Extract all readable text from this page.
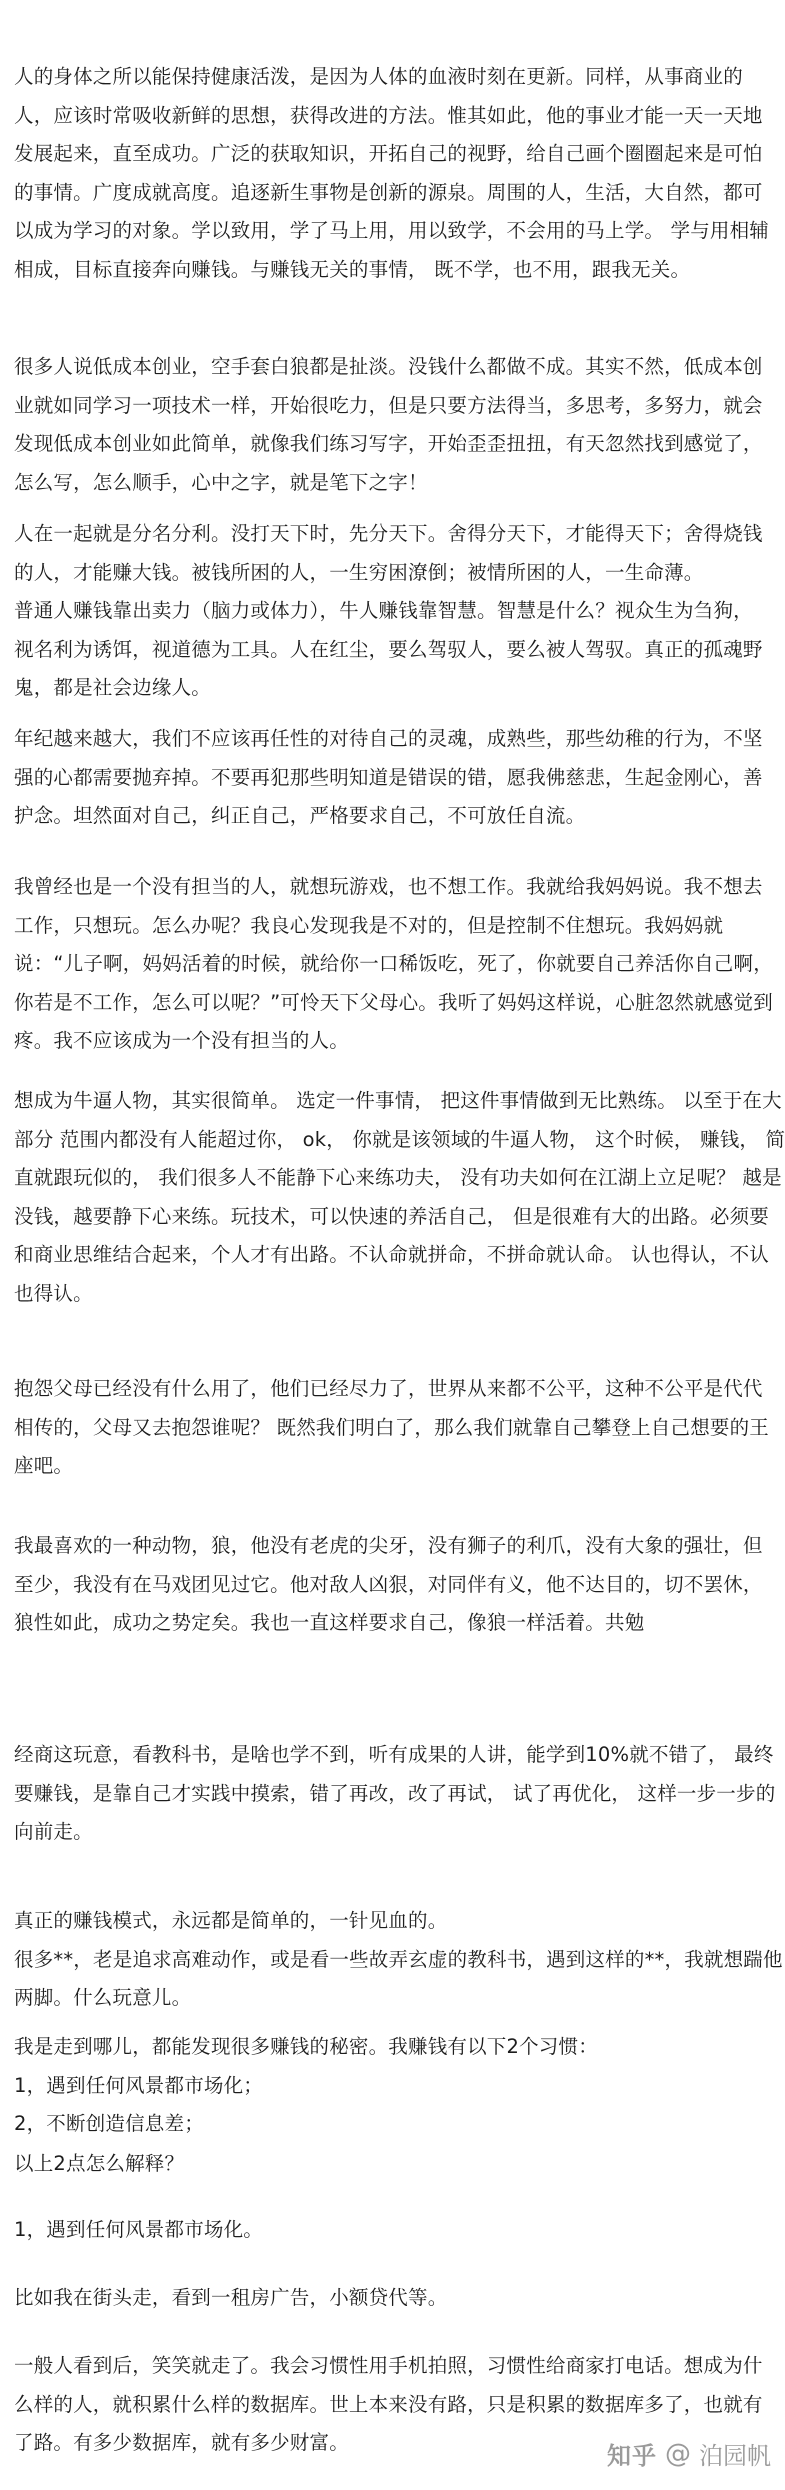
人的身体之所以能保持健康活泼，是因为人体的血液时刻在更新。同样，从事商业的
人，应该时常吸收新鲜的思想，获得改进的方法。惟其如此，他的事业才能一天一天地
发展起来，直至成功。广泛的获取知识，开拓自己的视野，给自己画个圈圈起来是可怕
的事情。广度成就高度。追逐新生事物是创新的源泉。周围的人，生活，大自然，都可
以成为学习的对象。学以致用，学了马上用，用以致学，不会用的马上学。 学与用相辅
相成，目标直接奔向赚钱。与赚钱无关的事情， 既不学，也不用，跟我无关。
很多人说低成本创业，空手套白狼都是扯淡。没钱什么都做不成。其实不然，低成本创
业就如同学习一项技术一样，开始很吃力，但是只要方法得当，多思考，多努力，就会
发现低成本创业如此简单，就像我们练习写字，开始歪歪扭扭，有天忽然找到感觉了，
怎么写，怎么顺手，心中之字，就是笔下之字！
人在一起就是分名分利。没打天下时，先分天下。舍得分天下，才能得天下；舍得烧钱
的人，才能赚大钱。被钱所困的人，一生穷困潦倒；被情所困的人，一生命薄。
普通人赚钱靠出卖力（脑力或体力），牛人赚钱靠智慧。智慧是什么？视众生为刍狗，
视名利为诱饵，视道德为工具。人在红尘，要么驾驭人，要么被人驾驭。真正的孤魂野
鬼，都是社会边缘人。
年纪越来越大，我们不应该再任性的对待自己的灵魂，成熟些，那些幼稚的行为，不坚
强的心都需要抛弃掉。不要再犯那些明知道是错误的错，愿我佛慈悲，生起金刚心，善
护念。坦然面对自己，纠正自己，严格要求自己，不可放任自流。
我曾经也是一个没有担当的人，就想玩游戏，也不想工作。我就给我妈妈说。我不想去
工作，只想玩。怎么办呢？我良心发现我是不对的，但是控制不住想玩。我妈妈就
说：“儿子啊，妈妈活着的时候，就给你一口稀饭吃，死了，你就要自己养活你自己啊，
你若是不工作，怎么可以呢？”可怜天下父母心。我听了妈妈这样说，心脏忽然就感觉到
疼。我不应该成为一个没有担当的人。
想成为牛逼人物，其实很简单。 选定一件事情， 把这件事情做到无比熟练。 以至于在大
部分 范围内都没有人能超过你， ok， 你就是该领域的牛逼人物， 这个时候， 赚钱， 简
直就跟玩似的， 我们很多人不能静下心来练功夫， 没有功夫如何在江湖上立足呢？ 越是
没钱，越要静下心来练。玩技术，可以快速的养活自己， 但是很难有大的出路。必须要
和商业思维结合起来，个人才有出路。不认命就拼命，不拼命就认命。 认也得认，不认
也得认。
抱怨父母已经没有什么用了，他们已经尽力了，世界从来都不公平，这种不公平是代代
相传的，父母又去抱怨谁呢？ 既然我们明白了，那么我们就靠自己攀登上自己想要的王
座吧。
我最喜欢的一种动物，狼，他没有老虎的尖牙，没有狮子的利爪，没有大象的强壮，但
至少，我没有在马戏团见过它。他对敌人凶狠，对同伴有义，他不达目的，切不罢休，
狼性如此，成功之势定矣。我也一直这样要求自己，像狼一样活着。共勉
经商这玩意，看教科书，是啥也学不到，听有成果的人讲，能学到10%就不错了， 最终
要赚钱，是靠自己才实践中摸索，错了再改，改了再试， 试了再优化， 这样一步一步的
向前走。
真正的赚钱模式，永远都是简单的，一针见血的。
很多**，老是追求高难动作，或是看一些故弄玄虚的教科书，遇到这样的**，我就想踹他
两脚。什么玩意儿。
我是走到哪儿，都能发现很多赚钱的秘密。我赚钱有以下2个习惯：
1，遇到任何风景都市场化；
2，不断创造信息差；
以上2点怎么解释？
1，遇到任何风景都市场化。
比如我在街头走，看到一租房广告，小额贷代等。
一般人看到后，笑笑就走了。我会习惯性用手机拍照，习惯性给商家打电话。想成为什
么样的人，就积累什么样的数据库。世上本来没有路，只是积累的数据库多了，也就有
了路。有多少数据库，就有多少财富。	知乎 @ 泊园帆
